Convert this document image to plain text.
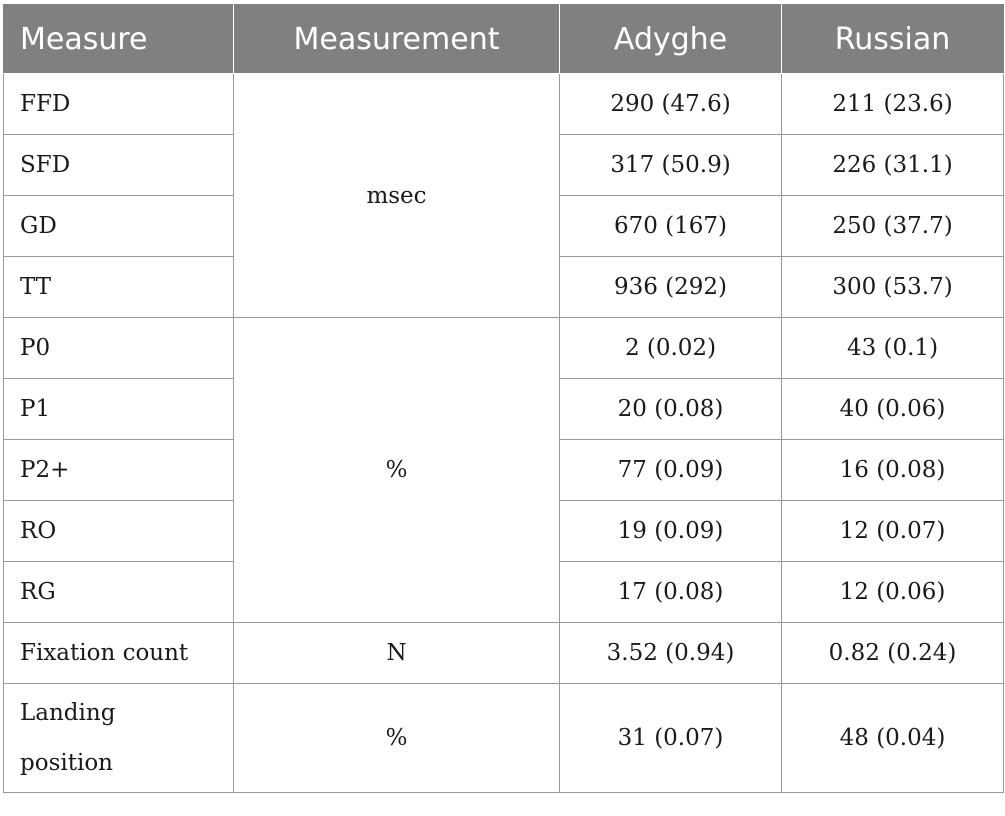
Measure	Measurement	Adyghe	Russian
FFD	msec	290 (47.6)	211 (23.6)
SFD		317 (50.9)	226 (31.1)
GD		670 (167)	250 (37.7)
TT		936 (292)	300 (53.7)
P0	%	2 (0.02)	43 (0.1)
P1		20 (0.08)	40 (0.06)
P2+		77 (0.09)	16 (0.08)
RO		19 (0.09)	12 (0.07)
RG		17 (0.08)	12 (0.06)
Fixation count	N	3.52 (0.94)	0.82 (0.24)

Landing
position	%	31 (0.07)	48 (0.04)
